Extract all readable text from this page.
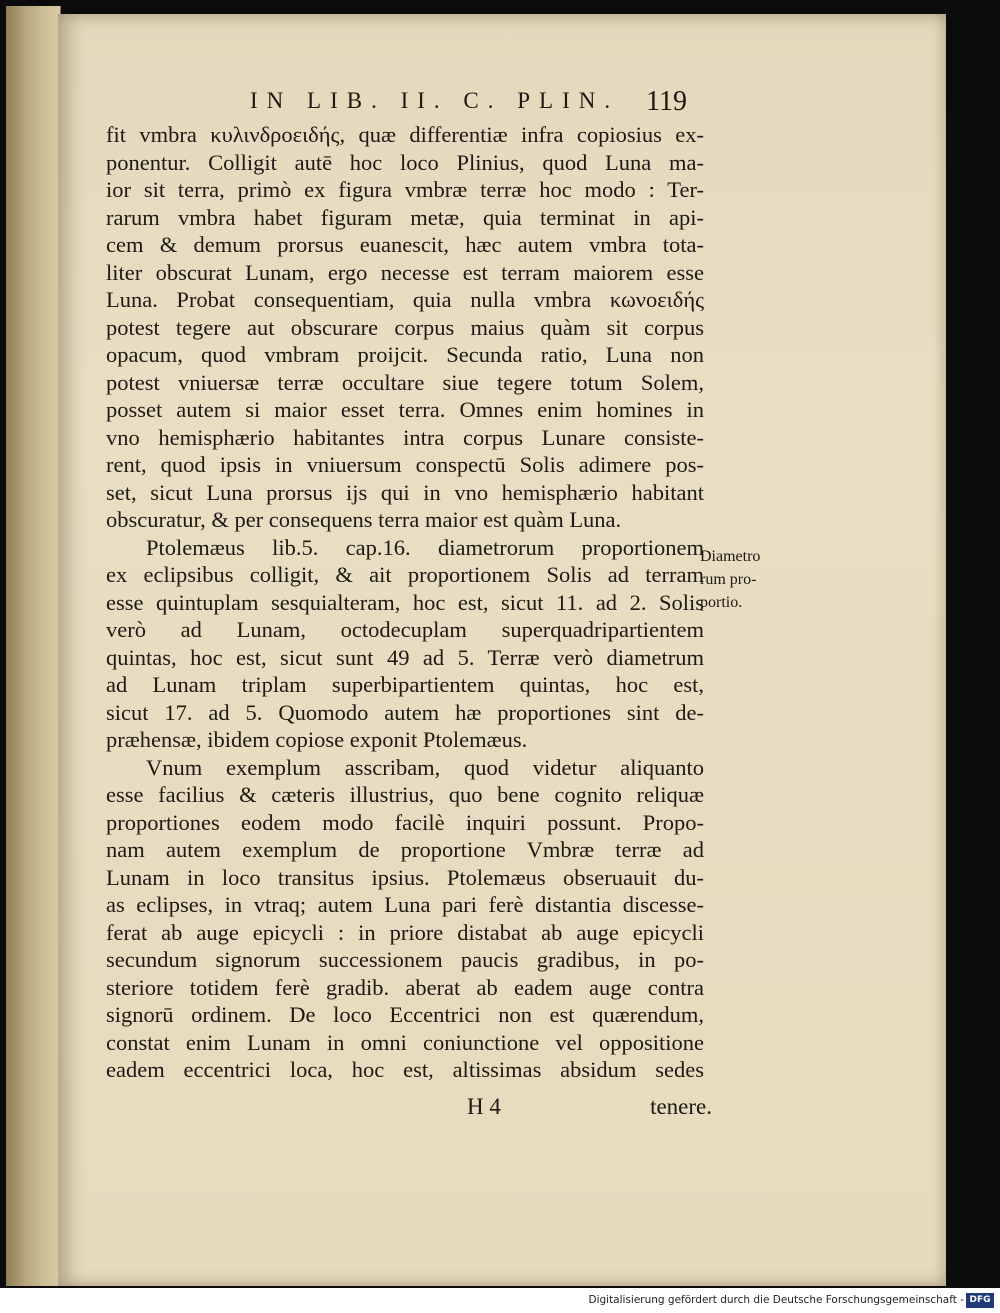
IN LIB. II. C. PLIN. 119
fit vmbra κυλινδροειδής, quæ differentiæ infra copiosius ex-
ponentur. Colligit autē hoc loco Plinius, quod Luna ma-
ior sit terra, primò ex figura vmbræ terræ hoc modo : Ter-
rarum vmbra habet figuram metæ, quia terminat in api-
cem & demum prorsus euanescit, hæc autem vmbra tota-
liter obscurat Lunam, ergo necesse est terram maiorem esse
Luna. Probat consequentiam, quia nulla vmbra κωνοειδής
potest tegere aut obscurare corpus maius quàm sit corpus
opacum, quod vmbram proijcit. Secunda ratio, Luna non
potest vniuersæ terræ occultare siue tegere totum Solem,
posset autem si maior esset terra. Omnes enim homines in
vno hemisphærio habitantes intra corpus Lunare consiste-
rent, quod ipsis in vniuersum conspectū Solis adimere pos-
set, sicut Luna prorsus ijs qui in vno hemisphærio habitant
obscuratur, & per consequens terra maior est quàm Luna.
Ptolemæus lib.5. cap.16. diametrorum proportionem
ex eclipsibus colligit, & ait proportionem Solis ad terram
esse quintuplam sesquialteram, hoc est, sicut 11. ad 2. Solis
verò ad Lunam, octodecuplam superquadripartientem
quintas, hoc est, sicut sunt 49 ad 5. Terræ verò diametrum
ad Lunam triplam superbipartientem quintas, hoc est,
sicut 17. ad 5. Quomodo autem hæ proportiones sint de-
præhensæ, ibidem copiose exponit Ptolemæus.
Vnum exemplum asscribam, quod videtur aliquanto
esse facilius & cæteris illustrius, quo bene cognito reliquæ
proportiones eodem modo facilè inquiri possunt. Propo-
nam autem exemplum de proportione Vmbræ terræ ad
Lunam in loco transitus ipsius. Ptolemæus obseruauit du-
as eclipses, in vtraq; autem Luna pari ferè distantia discesse-
ferat ab auge epicycli : in priore distabat ab auge epicycli
secundum signorum successionem paucis gradibus, in po-
steriore totidem ferè gradib. aberat ab eadem auge contra
signorū ordinem. De loco Eccentrici non est quærendum,
constat enim Lunam in omni coniunctione vel oppositione
eadem eccentrici loca, hoc est, altissimas absidum sedes
Diametro
rum pro-
portio.
H 4	tenere.
Digitalisierung gefördert durch die Deutsche Forschungsgemeinschaft - DFG
